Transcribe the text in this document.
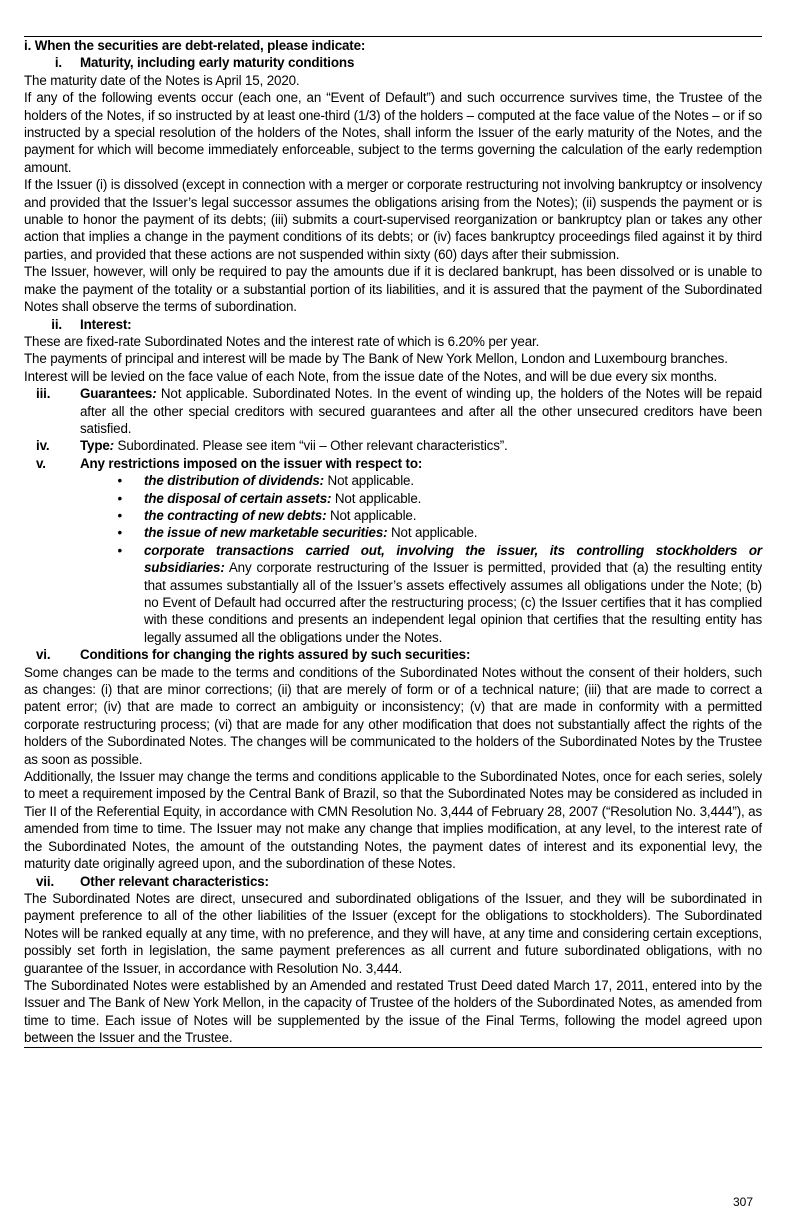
i. When the securities are debt-related, please indicate:

i.	Maturity, including early maturity conditions

The maturity date of the Notes is April 15, 2020.

If any of the following events occur (each one, an “Event of Default”) and such occurrence survives time, the Trustee of the holders of the Notes, if so instructed by at least one-third (1/3) of the holders – computed at the face value of the Notes – or if so instructed by a special resolution of the holders of the Notes, shall inform the Issuer of the early maturity of the Notes, and the payment for which will become immediately enforceable, subject to the terms governing the calculation of the early redemption amount.

If the Issuer (i) is dissolved (except in connection with a merger or corporate restructuring not involving bankruptcy or insolvency and provided that the Issuer’s legal successor assumes the obligations arising from the Notes); (ii) suspends the payment or is unable to honor the payment of its debts; (iii) submits a court-supervised reorganization or bankruptcy plan or takes any other action that implies a change in the payment conditions of its debts; or (iv) faces bankruptcy proceedings filed against it by third parties, and provided that these actions are not suspended within sixty (60) days after their submission.

The Issuer, however, will only be required to pay the amounts due if it is declared bankrupt, has been dissolved or is unable to make the payment of the totality or a substantial portion of its liabilities, and it is assured that the payment of the Subordinated Notes shall observe the terms of subordination.

ii.	Interest:

These are fixed-rate Subordinated Notes and the interest rate of which is 6.20% per year.

The payments of principal and interest will be made by The Bank of New York Mellon, London and Luxembourg branches.

Interest will be levied on the face value of each Note, from the issue date of the Notes, and will be due every six months.

iii.	Guarantees: Not applicable. Subordinated Notes. In the event of winding up, the holders of the Notes will be repaid after all the other special creditors with secured guarantees and after all the other unsecured creditors have been satisfied.
iv.	Type: Subordinated. Please see item “vii – Other relevant characteristics”.
v.	Any restrictions imposed on the issuer with respect to:
•	the distribution of dividends: Not applicable.
•	the disposal of certain assets: Not applicable.
•	the contracting of new debts: Not applicable.
•	the issue of new marketable securities: Not applicable.
•	corporate transactions carried out, involving the issuer, its controlling stockholders or subsidiaries: Any corporate restructuring of the Issuer is permitted, provided that (a) the resulting entity that assumes substantially all of the Issuer’s assets effectively assumes all obligations under the Note; (b) no Event of Default had occurred after the restructuring process; (c) the Issuer certifies that it has complied with these conditions and presents an independent legal opinion that certifies that the resulting entity has legally assumed all the obligations under the Notes.
vi.	Conditions for changing the rights assured by such securities:

Some changes can be made to the terms and conditions of the Subordinated Notes without the consent of their holders, such as changes: (i) that are minor corrections; (ii) that are merely of form or of a technical nature; (iii) that are made to correct a patent error; (iv) that are made to correct an ambiguity or inconsistency; (v) that are made in conformity with a permitted corporate restructuring process; (vi) that are made for any other modification that does not substantially affect the rights of the holders of the Subordinated Notes. The changes will be communicated to the holders of the Subordinated Notes by the Trustee as soon as possible.

Additionally, the Issuer may change the terms and conditions applicable to the Subordinated Notes, once for each series, solely to meet a requirement imposed by the Central Bank of Brazil, so that the Subordinated Notes may be considered as included in Tier II of the Referential Equity, in accordance with CMN Resolution No. 3,444 of February 28, 2007 (“Resolution No. 3,444”), as amended from time to time. The Issuer may not make any change that implies modification, at any level, to the interest rate of the Subordinated Notes, the amount of the outstanding Notes, the payment dates of interest and its exponential levy, the maturity date originally agreed upon, and the subordination of these Notes.

vii.	Other relevant characteristics:

The Subordinated Notes are direct, unsecured and subordinated obligations of the Issuer, and they will be subordinated in payment preference to all of the other liabilities of the Issuer (except for the obligations to stockholders). The Subordinated Notes will be ranked equally at any time, with no preference, and they will have, at any time and considering certain exceptions, possibly set forth in legislation, the same payment preferences as all current and future subordinated obligations, with no guarantee of the Issuer, in accordance with Resolution No. 3,444.

The Subordinated Notes were established by an Amended and restated Trust Deed dated March 17, 2011, entered into by the Issuer and The Bank of New York Mellon, in the capacity of Trustee of the holders of the Subordinated Notes, as amended from time to time. Each issue of Notes will be supplemented by the issue of the Final Terms, following the model agreed upon between the Issuer and the Trustee.

307
